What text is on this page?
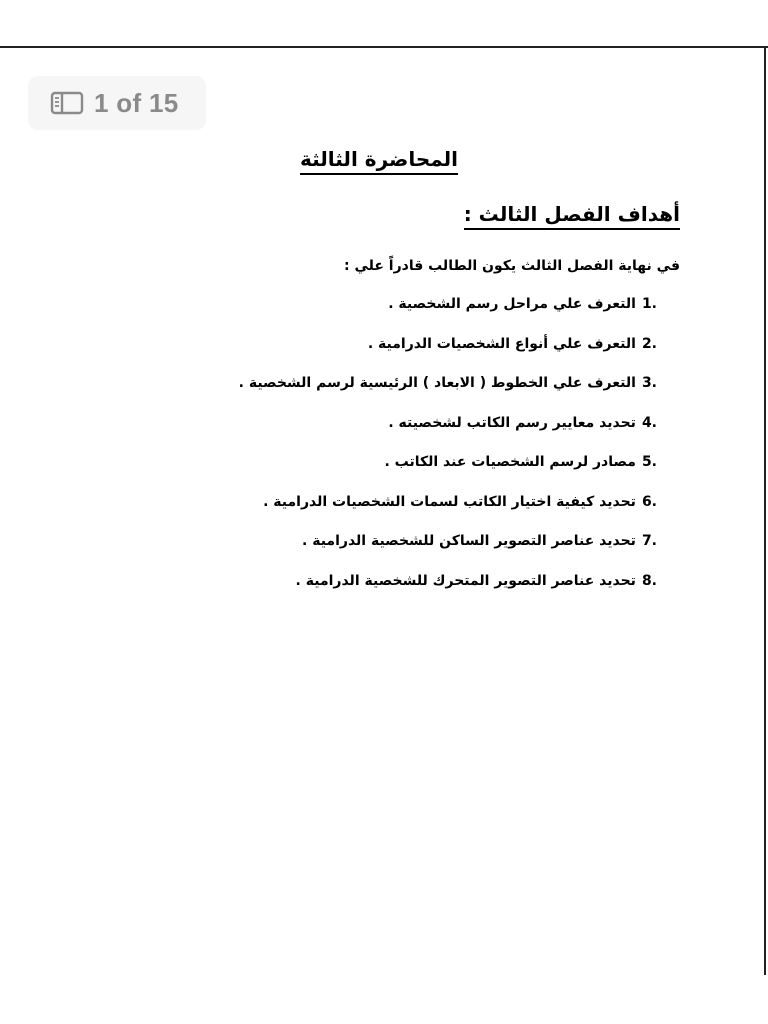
1 of 15
المحاضرة الثالثة
أهداف الفصل الثالث :
في نهاية الفصل الثالث يكون الطالب قادراً علي :
1.التعرف علي مراحل رسم الشخصية .
2.التعرف علي أنواع الشخصيات الدرامية .
3.التعرف علي الخطوط ( الابعاد ) الرئيسية لرسم الشخصية .
4.تحديد معايير رسم الكاتب لشخصيته .
5.مصادر لرسم الشخصيات عند الكاتب .
6.تحديد كيفية اختيار الكاتب لسمات الشخصيات الدرامية .
7.تحديد عناصر التصوير الساكن للشخصية الدرامية .
8.تحديد عناصر التصوير المتحرك للشخصية الدرامية .
